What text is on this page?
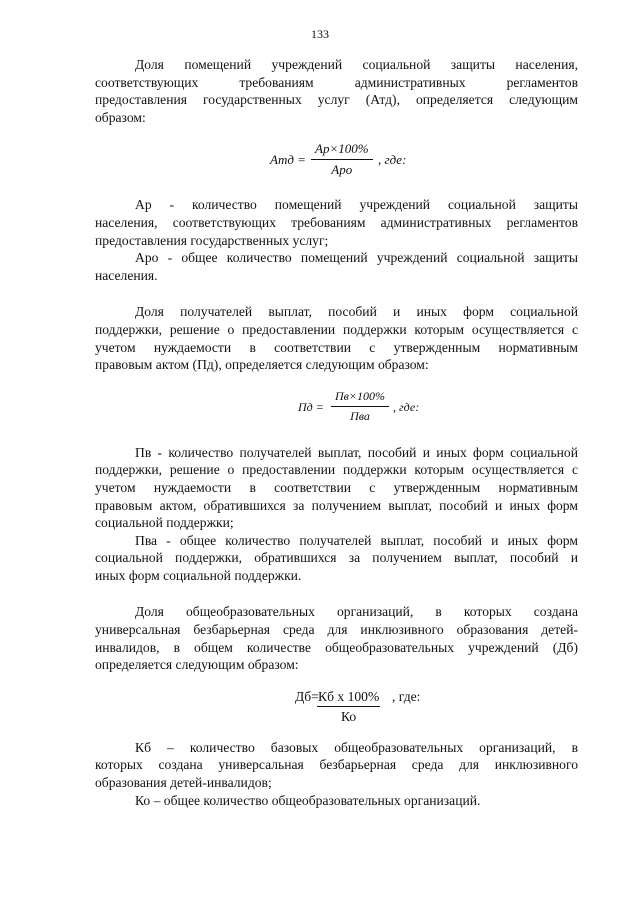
133

Доля помещений учреждений социальной защиты населения,

соответствующих требованиям административных регламентов

предоставления государственных услуг (Атд), определяется следующим

образом:

Атд =
Ар×100%
Аро
, где:

Ар - количество помещений учреждений социальной защиты

населения, соответствующих требованиям административных регламентов

предоставления государственных услуг;

Аро - общее количество помещений учреждений социальной защиты

населения.

Доля получателей выплат, пособий и иных форм социальной

поддержки, решение о предоставлении поддержки которым осуществляется с

учетом нуждаемости в соответствии с утвержденным нормативным

правовым актом (Пд), определяется следующим образом:

Пд =
Пв×100%
Пва
, где:

Пв - количество получателей выплат, пособий и иных форм социальной

поддержки, решение о предоставлении поддержки которым осуществляется с

учетом нуждаемости в соответствии с утвержденным нормативным

правовым актом, обратившихся за получением выплат, пособий и иных форм

социальной поддержки;

Пва - общее количество получателей выплат, пособий и иных форм

социальной поддержки, обратившихся за получением выплат, пособий и

иных форм социальной поддержки.

Доля общеобразовательных организаций, в которых создана

универсальная безбарьерная среда для инклюзивного образования детей-

инвалидов, в общем количестве общеобразовательных учреждений (Дб)

определяется следующим образом:

Дб= Кб х 100%
Ко
, где:

Кб – количество базовых общеобразовательных организаций, в

которых создана универсальная безбарьерная среда для инклюзивного

образования детей-инвалидов;

Ко – общее количество общеобразовательных организаций.
